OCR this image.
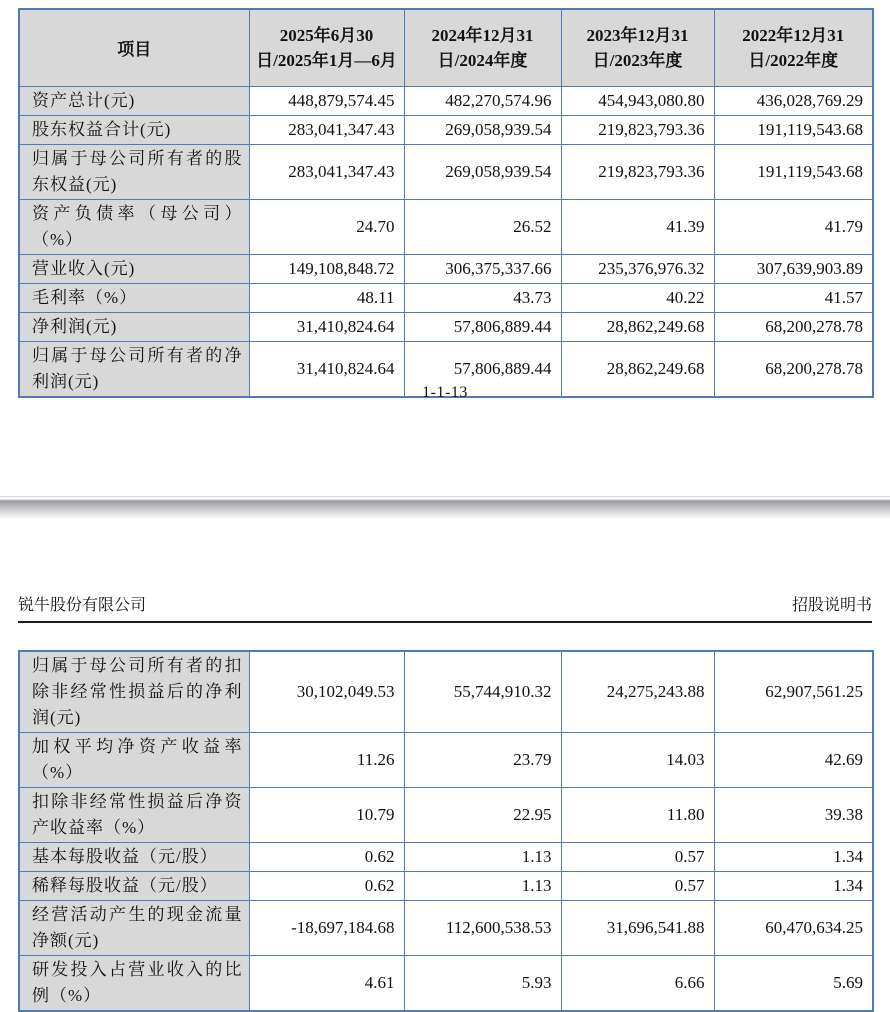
项目	2025年6月30日/2025年1月—6月	2024年12月31日/2024年度	2023年12月31日/2023年度	2022年12月31日/2022年度
资产总计(元)	448,879,574.45	482,270,574.96	454,943,080.80	436,028,769.29
股东权益合计(元)	283,041,347.43	269,058,939.54	219,823,793.36	191,119,543.68
归属于母公司所有者的股东权益(元)	283,041,347.43	269,058,939.54	219,823,793.36	191,119,543.68
资产负债率（母公司）（%）	24.70	26.52	41.39	41.79
营业收入(元)	149,108,848.72	306,375,337.66	235,376,976.32	307,639,903.89
毛利率（%）	48.11	43.73	40.22	41.57
净利润(元)	31,410,824.64	57,806,889.44	28,862,249.68	68,200,278.78
归属于母公司所有者的净利润(元)	31,410,824.64	57,806,889.44	28,862,249.68	68,200,278.78
1-1-13
锐牛股份有限公司	招股说明书
归属于母公司所有者的扣除非经常性损益后的净利润(元)	30,102,049.53	55,744,910.32	24,275,243.88	62,907,561.25
加权平均净资产收益率（%）	11.26	23.79	14.03	42.69
扣除非经常性损益后净资产收益率（%）	10.79	22.95	11.80	39.38
基本每股收益（元/股）	0.62	1.13	0.57	1.34
稀释每股收益（元/股）	0.62	1.13	0.57	1.34
经营活动产生的现金流量净额(元)	-18,697,184.68	112,600,538.53	31,696,541.88	60,470,634.25
研发投入占营业收入的比例（%）	4.61	5.93	6.66	5.69
